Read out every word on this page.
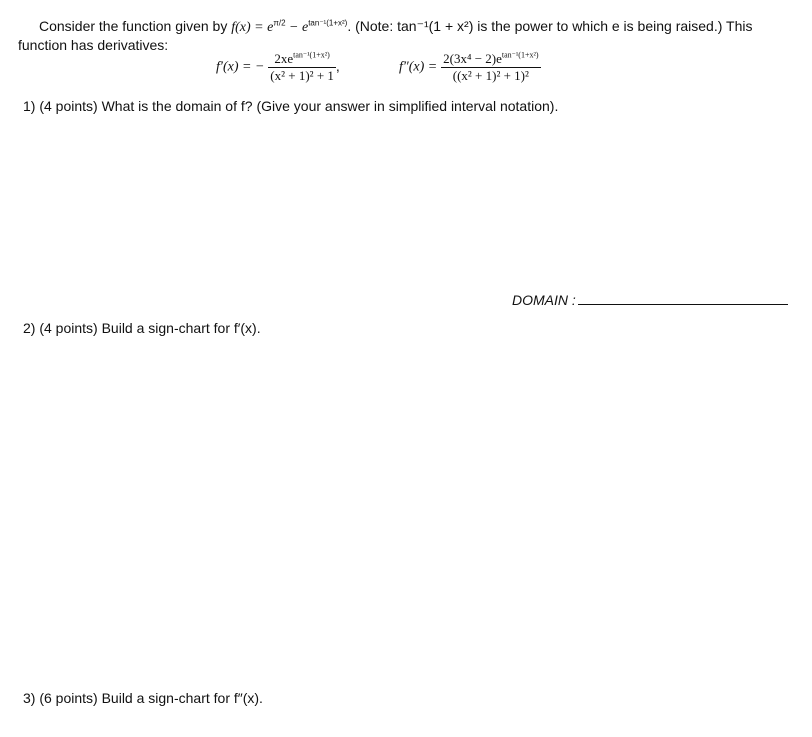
Consider the function given by $f(x) = e^{\pi/2} - e^{tan^{-1}(1+x^2)}$. (Note: tan⁻¹(1 + x²) is the power to which e is being raised.) This
function has derivatives:
f′(x) = − $\frac{2xe^{tan^{-1}(1+x^2)}}{\text{(x² + 1)² + 1}}$ ,	$f''(x) = \frac{2(3x^4 - 2)e^{tan^{-1}(1+x^2)}}{\text{((x² + 1)² + 1)²}}$
1) (4 points) What is the domain of f? (Give your answer in simplified interval notation).
DOMAIN :
2) (4 points) Build a sign-chart for f′(x).
3) (6 points) Build a sign-chart for f″(x).
